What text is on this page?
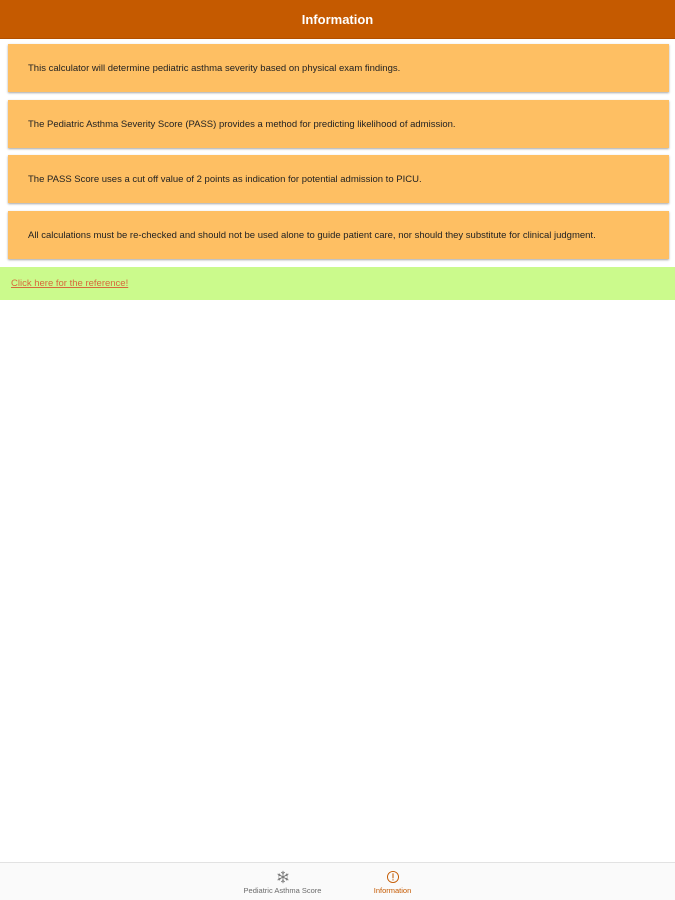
Information
This calculator will determine pediatric asthma severity based on physical exam findings.
The Pediatric Asthma Severity Score (PASS) provides a method for predicting likelihood of admission.
The PASS Score uses a cut off value of 2 points as indication for potential admission to PICU.
All calculations must be re-checked and should not be used alone to guide patient care, nor should they substitute for clinical judgment.
Click here for the reference!
Pediatric Asthma Score	Information
